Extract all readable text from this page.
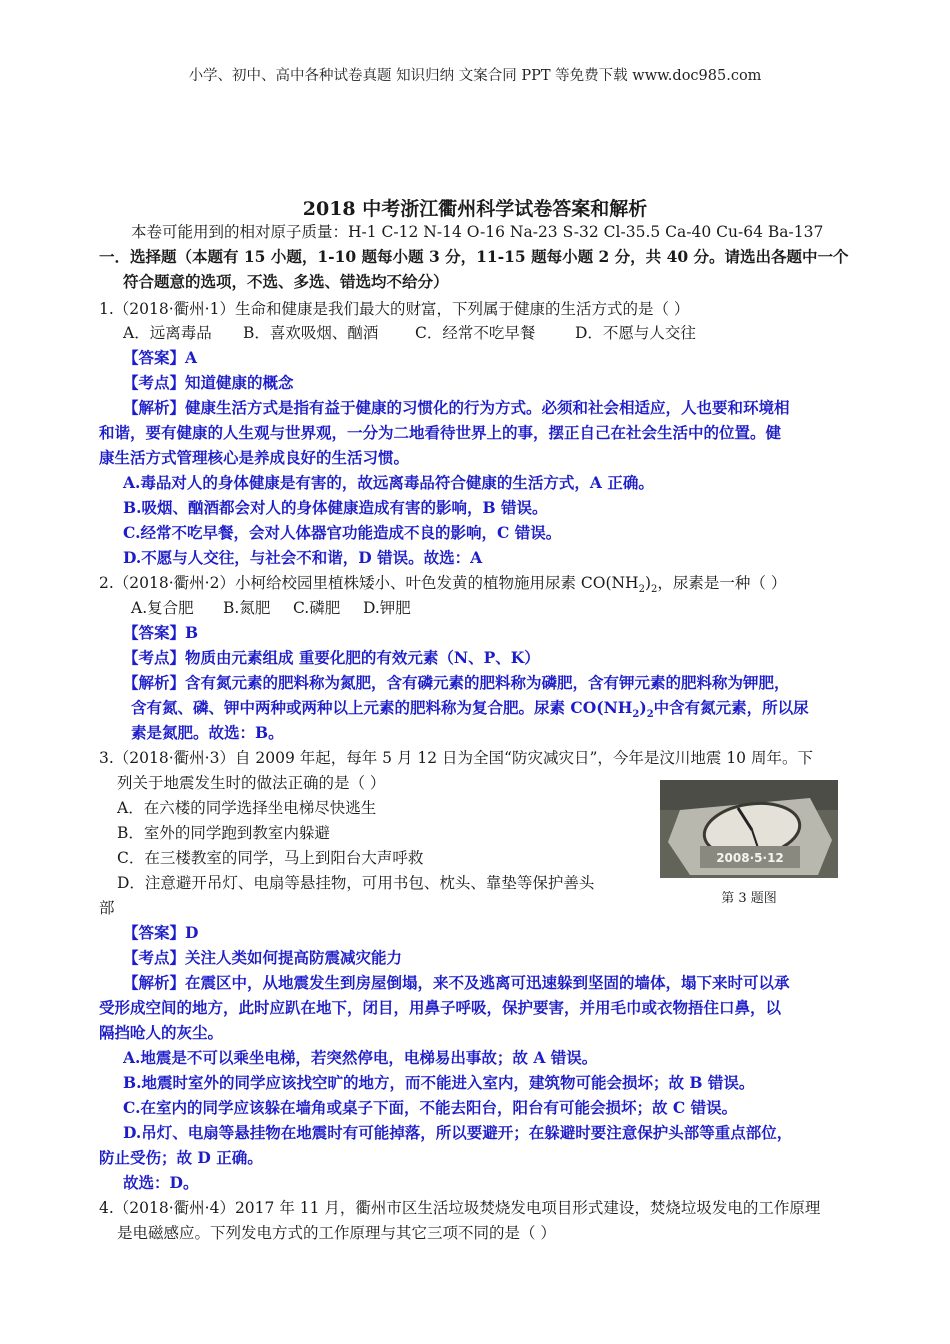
小学、初中、高中各种试卷真题 知识归纳 文案合同 PPT 等免费下载 www.doc985.com
2018 中考浙江衢州科学试卷答案和解析
本卷可能用到的相对原子质量：H-1 C-12 N-14 O-16 Na-23 S-32 Cl-35.5 Ca-40 Cu-64 Ba-137
一．选择题（本题有 15 小题，1-10 题每小题 3 分，11-15 题每小题 2 分，共 40 分。请选出各题中一个
符合题意的选项，不选、多选、错选均不给分）
1.（2018·衢州·1）生命和健康是我们最大的财富，下列属于健康的生活方式的是（ ）
A．远离毒品 B．喜欢吸烟、酗酒 C．经常不吃早餐	D．不愿与人交往
【答案】A
【考点】知道健康的概念
【解析】健康生活方式是指有益于健康的习惯化的行为方式。必须和社会相适应，人也要和环境相
和谐，要有健康的人生观与世界观，一分为二地看待世界上的事，摆正自己在社会生活中的位置。健
康生活方式管理核心是养成良好的生活习惯。
A.毒品对人的身体健康是有害的，故远离毒品符合健康的生活方式，A 正确。
B.吸烟、酗酒都会对人的身体健康造成有害的影响，B 错误。
C.经常不吃早餐，会对人体器官功能造成不良的影响，C 错误。
D.不愿与人交往，与社会不和谐，D 错误。故选：A
2.（2018·衢州·2）小柯给校园里植株矮小、叶色发黄的植物施用尿素 $CO(NH_2)_2$，尿素是一种（ ）
A.复合肥 B.氮肥 C.磷肥 D.钾肥
【答案】B
【考点】物质由元素组成 重要化肥的有效元素（N、P、K）
【解析】含有氮元素的肥料称为氮肥，含有磷元素的肥料称为磷肥，含有钾元素的肥料称为钾肥，
含有氮、磷、钾中两种或两种以上元素的肥料称为复合肥。尿素 $CO(NH_2)_2$中含有氮元素，所以尿
素是氮肥。故选：B。
3.（2018·衢州·3）自 2009 年起，每年 5 月 12 日为全国“防灾减灾日”，今年是汶川地震 10 周年。下
列关于地震发生时的做法正确的是（ ）
A．在六楼的同学选择坐电梯尽快逃生
B．室外的同学跑到教室内躲避
C．在三楼教室的同学，马上到阳台大声呼救
D．注意避开吊灯、电扇等悬挂物，可用书包、枕头、靠垫等保护善头
部
2008·5·12
第 3 题图
【答案】D
【考点】关注人类如何提高防震减灾能力
【解析】在震区中，从地震发生到房屋倒塌，来不及逃离可迅速躲到坚固的墙体，塌下来时可以承
受形成空间的地方，此时应趴在地下，闭目，用鼻子呼吸，保护要害，并用毛巾或衣物捂住口鼻，以
隔挡呛人的灰尘。
A.地震是不可以乘坐电梯，若突然停电，电梯易出事故；故 A 错误。
B.地震时室外的同学应该找空旷的地方，而不能进入室内，建筑物可能会损坏；故 B 错误。
C.在室内的同学应该躲在墙角或桌子下面，不能去阳台，阳台有可能会损坏；故 C 错误。
D.吊灯、电扇等悬挂物在地震时有可能掉落，所以要避开；在躲避时要注意保护头部等重点部位，
防止受伤；故 D 正确。
故选：D。
4.（2018·衢州·4）2017 年 11 月，衢州市区生活垃圾焚烧发电项目形式建设，焚烧垃圾发电的工作原理
是电磁感应。下列发电方式的工作原理与其它三项不同的是（ ）
